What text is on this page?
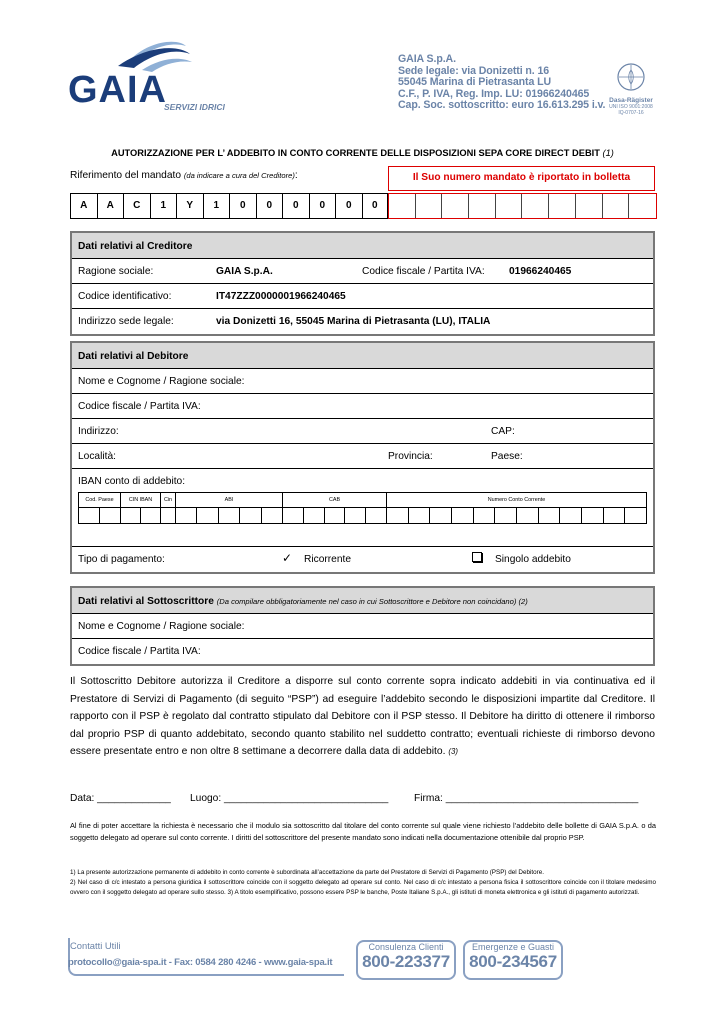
GAIA
SERVIZI IDRICI
GAIA S.p.A.
Sede legale: via Donizetti n. 16
55045 Marina di Pietrasanta LU
C.F., P. IVA, Reg. Imp. LU: 01966240465
Cap. Soc. sottoscritto: euro 16.613.295 i.v. Dasa-Rägister
UNI ISO 9001:2008
IQ-0707-16
AUTORIZZAZIONE PER L’ ADDEBITO IN CONTO CORRENTE DELLE DISPOSIZIONI SEPA CORE DIRECT DEBIT (1)
Riferimento del mandato (da indicare a cura del Creditore):	Il Suo numero mandato è riportato in bolletta
A	A	C	1	Y	1	0	0	0	0	0	0
Dati relativi al Creditore
Ragione sociale:	GAIA S.p.A.	Codice fiscale / Partita IVA: 01966240465
Codice identificativo:	IT47ZZZ0000001966240465
Indirizzo sede legale:	via Donizetti 16, 55045 Marina di Pietrasanta (LU), ITALIA
Dati relativi al Debitore
Nome e Cognome / Ragione sociale:
Codice fiscale / Partita IVA:
Indirizzo:	CAP:
Località:	Provincia:	Paese:
IBAN conto di addebito:
Cod. Paese	CIN IBAN	Cin	ABI	CAB	Numero Conto Corrente
Tipo di pagamento:	✓ Ricorrente	Singolo addebito
Dati relativi al Sottoscrittore (Da compilare obbligatoriamente nel caso in cui Sottoscrittore e Debitore non coincidano) (2)
Nome e Cognome / Ragione sociale:
Codice fiscale / Partita IVA:
Il Sottoscritto Debitore autorizza il Creditore a disporre sul conto corrente sopra indicato addebiti in via continuativa ed il Prestatore di Servizi di Pagamento (di seguito “PSP”) ad eseguire l’addebito secondo le disposizioni impartite dal Creditore. Il rapporto con il PSP è regolato dal contratto stipulato dal Debitore con il PSP stesso. Il Debitore ha diritto di ottenere il rimborso dal proprio PSP di quanto addebitato, secondo quanto stabilito nel suddetto contratto; eventuali richieste di rimborso devono essere presentate entro e non oltre 8 settimane a decorrere dalla data di addebito. (3)
Data: _____________ Luogo: _____________________________	Firma: __________________________________
Al fine di poter accettare la richiesta è necessario che il modulo sia sottoscritto dal titolare del conto corrente sul quale viene richiesto l’addebito delle bollette di GAIA S.p.A. o da soggetto delegato ad operare sul conto corrente. I diritti del sottoscrittore del presente mandato sono indicati nella documentazione ottenibile dal proprio PSP.
1) La presente autorizzazione permanente di addebito in conto corrente è subordinata all’accettazione da parte del Prestatore di Servizi di Pagamento (PSP) del Debitore.
2) Nel caso di c/c intestato a persona giuridica il sottoscrittore coincide con il soggetto delegato ad operare sul conto. Nel caso di c/c intestato a persona fisica il sottoscrittore coincide con il titolare medesimo ovvero con il soggetto delegato ad operare sullo stesso. 3) A titolo esemplificativo, possono essere PSP le banche, Poste Italiane S.p.A., gli istituti di moneta elettronica e gli istituti di pagamento autorizzati.
Contatti Utili
protocollo@gaia-spa.it - Fax: 0584 280 4246 - www.gaia-spa.it
Consulenza Clienti
800-223377
Emergenze e Guasti
800-234567
